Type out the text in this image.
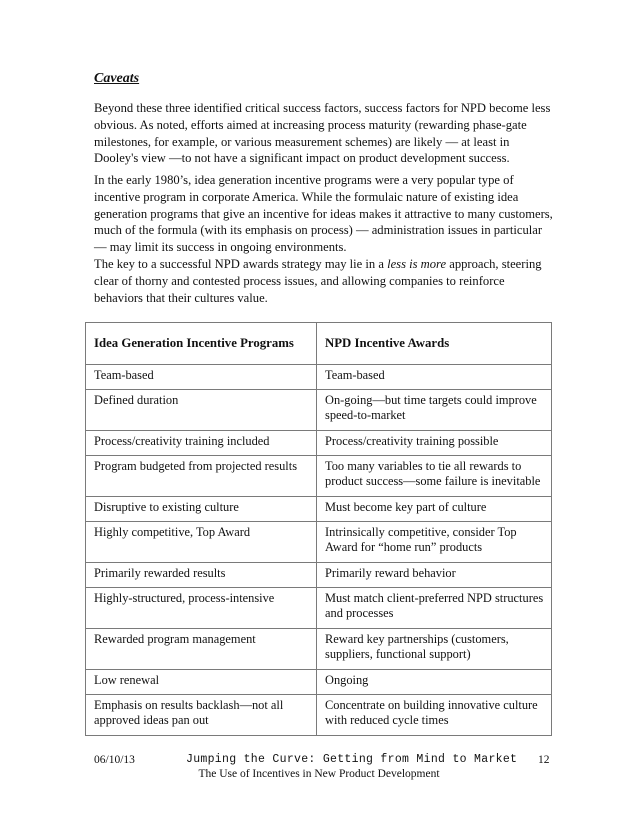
Caveats
Beyond these three identified critical success factors, success factors for NPD become less obvious. As noted, efforts aimed at increasing process maturity (rewarding phase-gate milestones, for example, or various measurement schemes) are likely — at least in Dooley's view —to not have a significant impact on product development success.
In the early 1980’s, idea generation incentive programs were a very popular type of incentive program in corporate America. While the formulaic nature of existing idea generation programs that give an incentive for ideas makes it attractive to many customers, much of the formula (with its emphasis on process) — administration issues in particular — may limit its success in ongoing environments.
The key to a successful NPD awards strategy may lie in a less is more approach, steering clear of thorny and contested process issues, and allowing companies to reinforce behaviors that their cultures value.
Idea Generation Incentive Programs	NPD Incentive Awards
Team-based	Team-based
Defined duration	On-going—but time targets could improve speed-to-market
Process/creativity training included	Process/creativity training possible
Program budgeted from projected results	Too many variables to tie all rewards to product success—some failure is inevitable
Disruptive to existing culture	Must become key part of culture
Highly competitive, Top Award	Intrinsically competitive, consider Top Award for “home run” products
Primarily rewarded results	Primarily reward behavior
Highly-structured, process-intensive	Must match client-preferred NPD structures and processes
Rewarded program management	Reward key partnerships (customers, suppliers, functional support)
Low renewal	Ongoing
Emphasis on results backlash—not all approved ideas pan out	Concentrate on building innovative culture with reduced cycle times
06/10/13	Jumping the Curve: Getting from Mind to Market 12
The Use of Incentives in New Product Development
